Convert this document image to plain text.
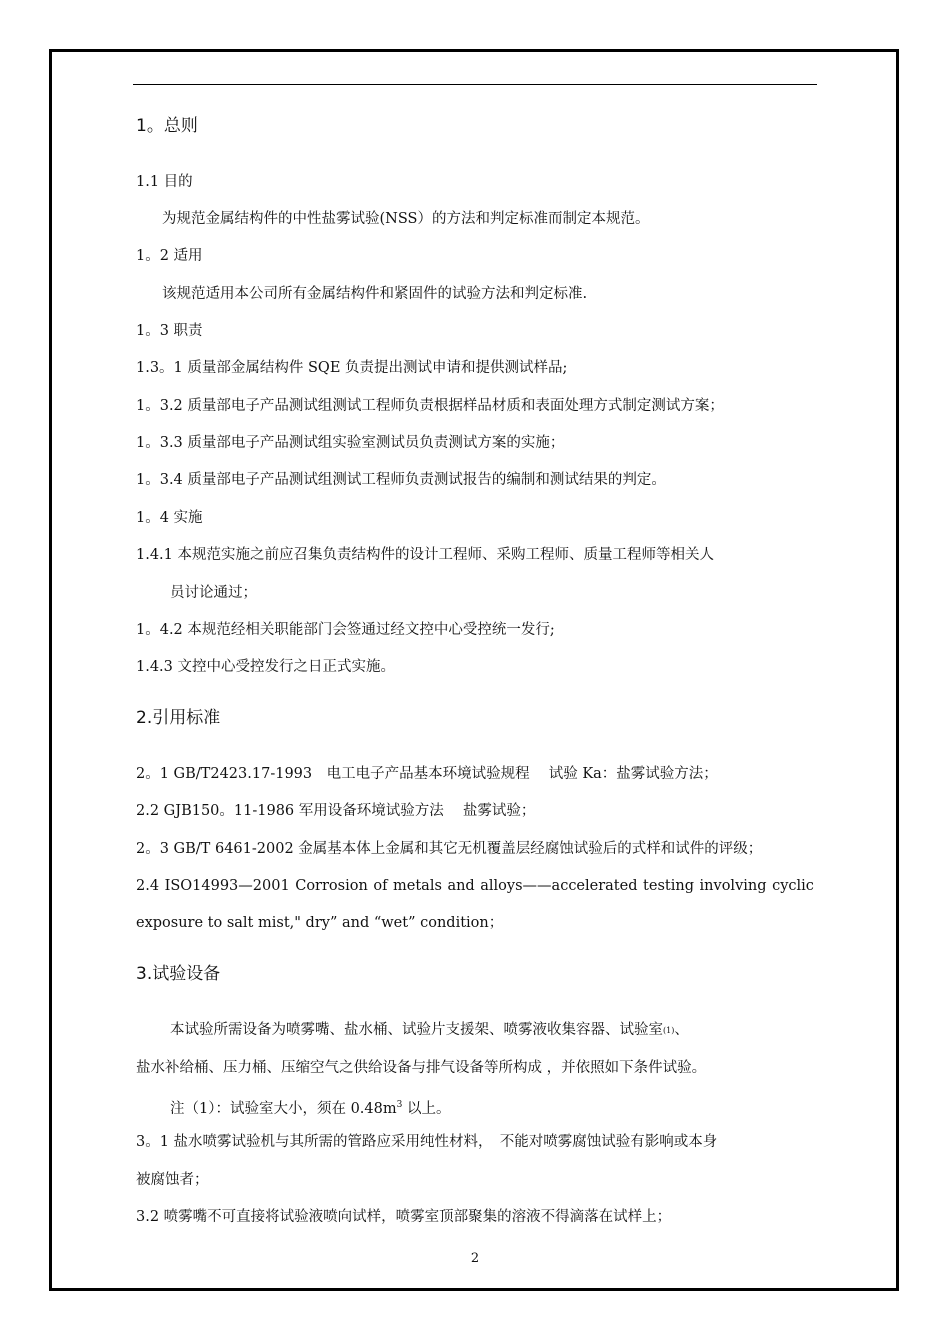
1。总则
1.1 目的
为规范金属结构件的中性盐雾试验(NSS）的方法和判定标准而制定本规范。
1。2 适用
该规范适用本公司所有金属结构件和紧固件的试验方法和判定标准.
1。3 职责
1.3。1 质量部金属结构件 SQE 负责提出测试申请和提供测试样品;
1。3.2 质量部电子产品测试组测试工程师负责根据样品材质和表面处理方式制定测试方案；
1。3.3 质量部电子产品测试组实验室测试员负责测试方案的实施；
1。3.4 质量部电子产品测试组测试工程师负责测试报告的编制和测试结果的判定。
1。4 实施
1.4.1 本规范实施之前应召集负责结构件的设计工程师、采购工程师、质量工程师等相关人
员讨论通过；
1。4.2 本规范经相关职能部门会签通过经文控中心受控统一发行;
1.4.3 文控中心受控发行之日正式实施。
2.引用标准
2。1 GB/T2423.17-1993　电工电子产品基本环境试验规程　 试验 Ka：盐雾试验方法；
2.2 GJB150。11-1986 军用设备环境试验方法　 盐雾试验；
2。3 GB/T 6461-2002 金属基本体上金属和其它无机覆盖层经腐蚀试验后的式样和试件的评级；
2.4 ISO14993—2001 Corrosion of metals and alloys——accelerated testing involving cyclic
exposure to salt mist," dry” and “wet” condition；
3.试验设备
本试验所需设备为喷雾嘴、盐水桶、试验片支援架、喷雾液收集容器、试验室$_{(1)}$、
盐水补给桶、压力桶、压缩空气之供给设备与排气设备等所构成 ，并依照如下条件试验。
注（1）：试验室大小，须在 $0.48m^3$ 以上。
3。1 盐水喷雾试验机与其所需的管路应采用纯性材料，　不能对喷雾腐蚀试验有影响或本身
被腐蚀者；
3.2 喷雾嘴不可直接将试验液喷向试样，喷雾室顶部聚集的溶液不得滴落在试样上；
2
